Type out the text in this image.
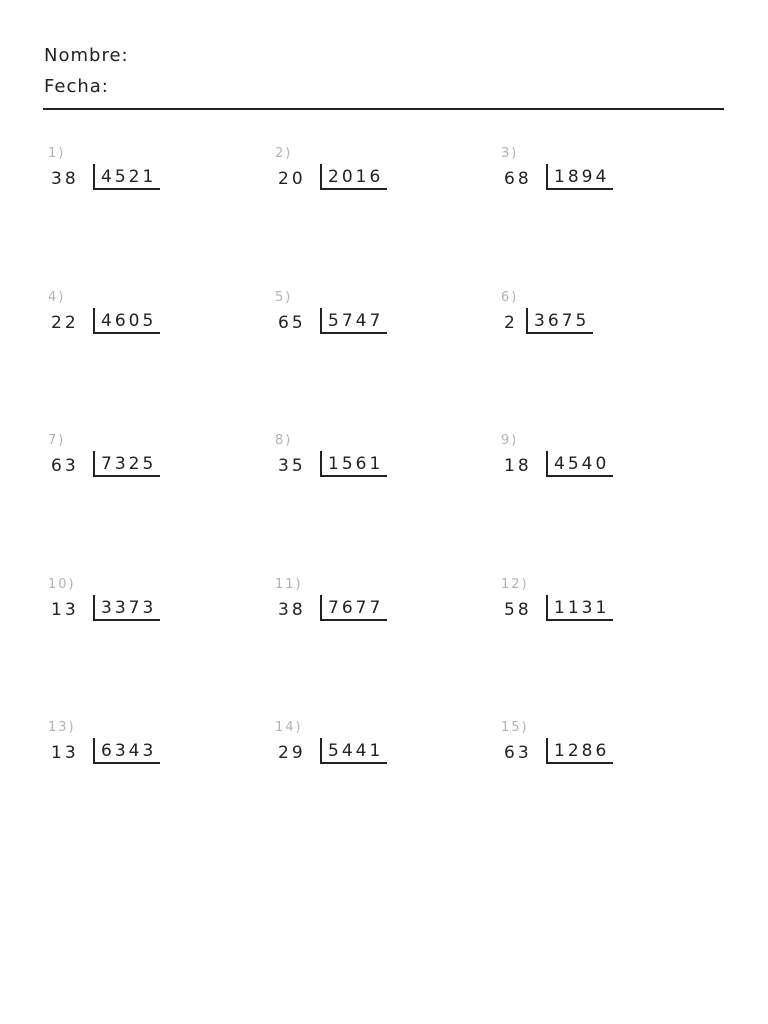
Nombre:
Fecha:
1)
38	4521
2)
20	2016
3)
68	1894
4)
22	4605
5)
65	5747
6)
2 3675
7)
63	7325
8)
35	1561
9)
18	4540
10)
13	3373
11)
38	7677
12)
58	1131
13)
13	6343
14)
29	5441
15)
63	1286
